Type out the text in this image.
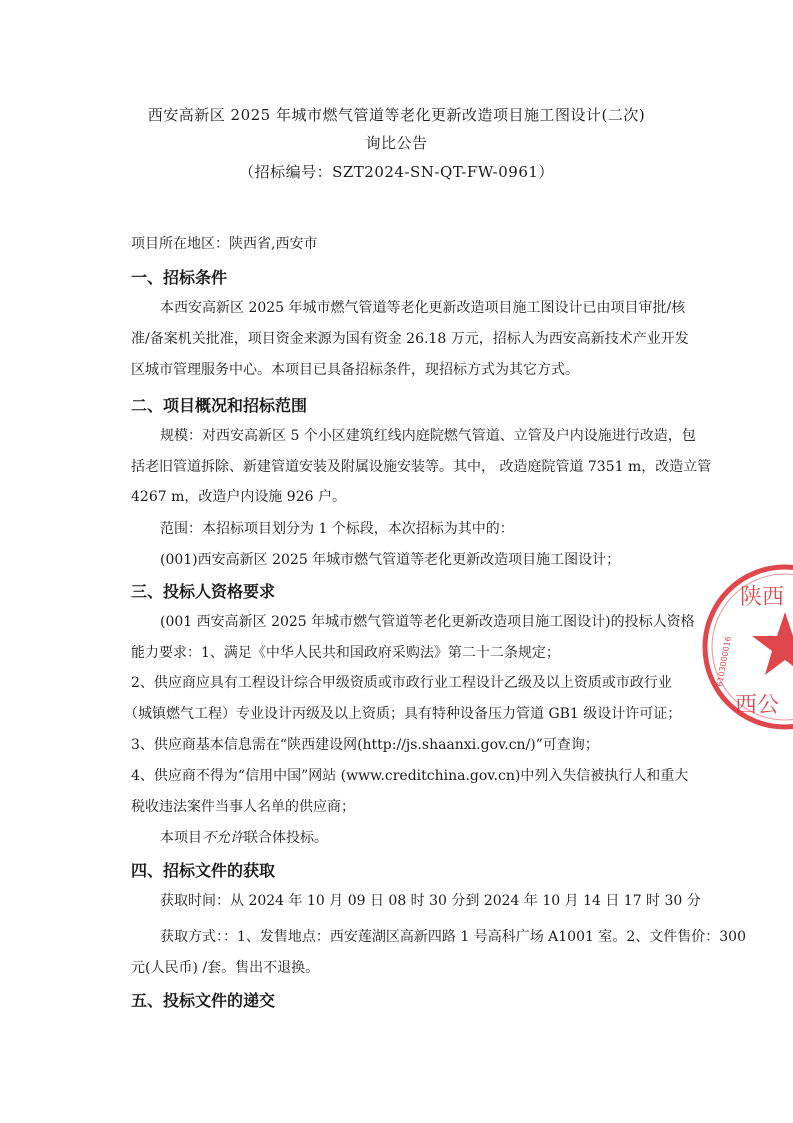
西安高新区 2025 年城市燃气管道等老化更新改造项目施工图设计(二次)
询比公告
（招标编号：SZT2024-SN-QT-FW-0961）
项目所在地区：陕西省,西安市
一、招标条件
本西安高新区 2025 年城市燃气管道等老化更新改造项目施工图设计已由项目审批/核
准/备案机关批准，项目资金来源为国有资金 26.18 万元，招标人为西安高新技术产业开发
区城市管理服务中心。本项目已具备招标条件，现招标方式为其它方式。
二、项目概况和招标范围
规模：对西安高新区 5 个小区建筑红线内庭院燃气管道、立管及户内设施进行改造，包
括老旧管道拆除、新建管道安装及附属设施安装等。其中， 改造庭院管道 7351 m，改造立管
4267 m，改造户内设施 926 户。
范围：本招标项目划分为 1 个标段，本次招标为其中的：
(001)西安高新区 2025 年城市燃气管道等老化更新改造项目施工图设计；
三、投标人资格要求
(001 西安高新区 2025 年城市燃气管道等老化更新改造项目施工图设计)的投标人资格
能力要求：1、满足《中华人民共和国政府采购法》第二十二条规定；
2、供应商应具有工程设计综合甲级资质或市政行业工程设计乙级及以上资质或市政行业
（城镇燃气工程）专业设计丙级及以上资质；具有特种设备压力管道 GB1 级设计许可证；
3、供应商基本信息需在“陕西建设网(http://js.shaanxi.gov.cn/)”可查询；
4、供应商不得为“信用中国”网站 (www.creditchina.gov.cn)中列入失信被执行人和重大
税收违法案件当事人名单的供应商；
本项目不允许联合体投标。
四、招标文件的获取
获取时间：从 2024 年 10 月 09 日 08 时 30 分到 2024 年 10 月 14 日 17 时 30 分
获取方式：：1、发售地点：西安莲湖区高新四路 1 号高科广场 A1001 室。2、文件售价：300
元(人民币) /套。售出不退换。
五、投标文件的递交
陕西
西公
6103000016
